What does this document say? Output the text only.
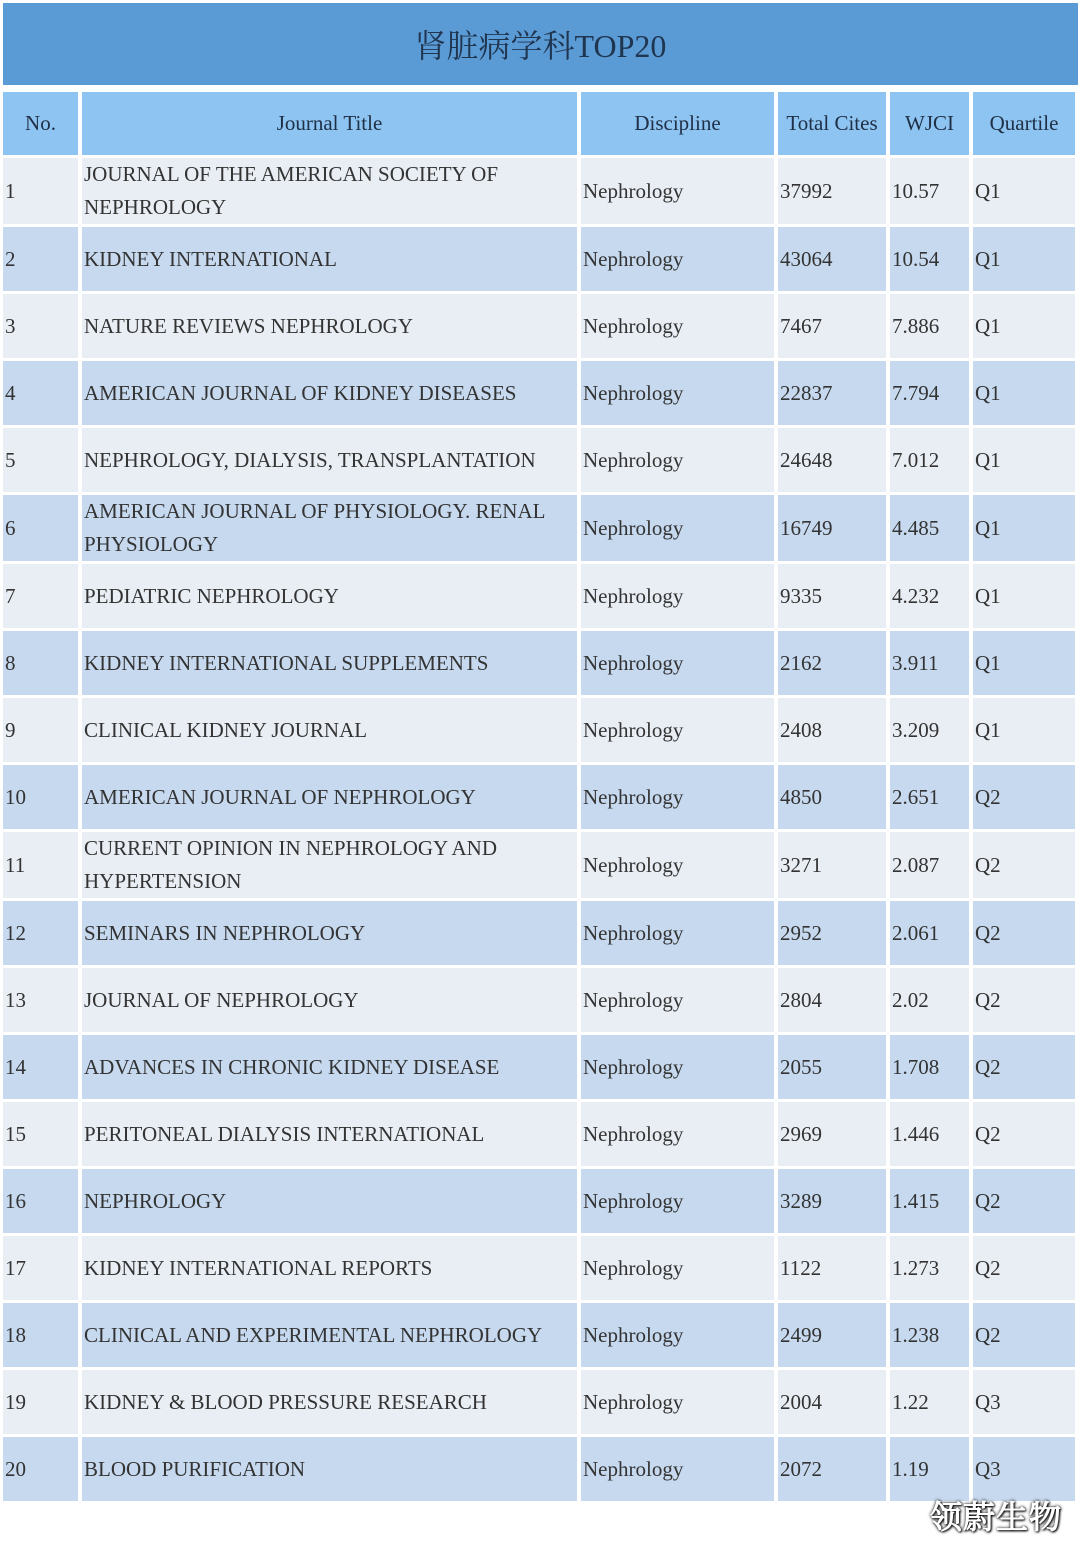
肾脏病学科TOP20
No.	Journal Title	Discipline	Total Cites	WJCI	Quartile
1	JOURNAL OF THE AMERICAN SOCIETY OF NEPHROLOGY	Nephrology	37992	10.57	Q1
2	KIDNEY INTERNATIONAL	Nephrology	43064	10.54	Q1
3	NATURE REVIEWS NEPHROLOGY	Nephrology	7467	7.886	Q1
4	AMERICAN JOURNAL OF KIDNEY DISEASES	Nephrology	22837	7.794	Q1
5	NEPHROLOGY, DIALYSIS, TRANSPLANTATION	Nephrology	24648	7.012	Q1
6	AMERICAN JOURNAL OF PHYSIOLOGY. RENAL PHYSIOLOGY	Nephrology	16749	4.485	Q1
7	PEDIATRIC NEPHROLOGY	Nephrology	9335	4.232	Q1
8	KIDNEY INTERNATIONAL SUPPLEMENTS	Nephrology	2162	3.911	Q1
9	CLINICAL KIDNEY JOURNAL	Nephrology	2408	3.209	Q1
10	AMERICAN JOURNAL OF NEPHROLOGY	Nephrology	4850	2.651	Q2
11	CURRENT OPINION IN NEPHROLOGY AND HYPERTENSION	Nephrology	3271	2.087	Q2
12	SEMINARS IN NEPHROLOGY	Nephrology	2952	2.061	Q2
13	JOURNAL OF NEPHROLOGY	Nephrology	2804	2.02	Q2
14	ADVANCES IN CHRONIC KIDNEY DISEASE	Nephrology	2055	1.708	Q2
15	PERITONEAL DIALYSIS INTERNATIONAL	Nephrology	2969	1.446	Q2
16	NEPHROLOGY	Nephrology	3289	1.415	Q2
17	KIDNEY INTERNATIONAL REPORTS	Nephrology	1122	1.273	Q2
18	CLINICAL AND EXPERIMENTAL NEPHROLOGY	Nephrology	2499	1.238	Q2
19	KIDNEY & BLOOD PRESSURE RESEARCH	Nephrology	2004	1.22	Q3
20	BLOOD PURIFICATION	Nephrology	2072	1.19	Q3
领蔚生物
